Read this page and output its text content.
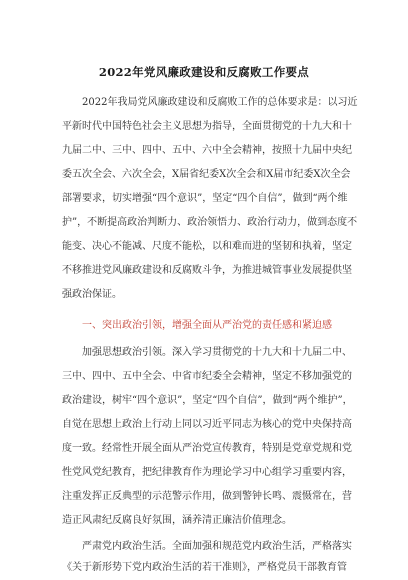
2022年党风廉政建设和反腐败工作要点
2022年我局党风廉政建设和反腐败工作的总体要求是：以习近
平新时代中国特色社会主义思想为指导，全面贯彻党的十九大和十
九届二中、三中、四中、五中、六中全会精神，按照十九届中央纪
委五次全会、六次全会，X届省纪委X次全会和X届市纪委X次全会
部署要求，切实增强“四个意识”，坚定“四个自信”，做到“两个维
护”，不断提高政治判断力、政治领悟力、政治行动力，做到态度不
能变、决心不能减、尺度不能松，以和难而进的坚韧和执着，坚定
不移推进党风廉政建设和反腐败斗争，为推进城管事业发展提供坚
强政治保证。
一、突出政治引领，增强全面从严治党的责任感和紧迫感
加强思想政治引领。深入学习贯彻党的十九大和十九届二中、
三中、四中、五中全会、中省市纪委全会精神，坚定不移加强党的
政治建设，树牢“四个意识”，坚定“四个自信”，做到“两个维护”，
自觉在思想上政治上行动上同以习近平同志为核心的党中央保持高
度一致。经常性开展全面从严治党宣传教育，特别是党章党规和党
性党风党纪教育，把纪律教育作为理论学习中心组学习重要内容，
注重发挥正反典型的示范警示作用，做到警钟长鸣、震慑常在，营
造正风肃纪反腐良好氛围，涵养清正廉洁价值理念。
严肃党内政治生活。全面加强和规范党内政治生活，严格落实
《关于新形势下党内政治生活的若干准则》，严格党员干部教育管
